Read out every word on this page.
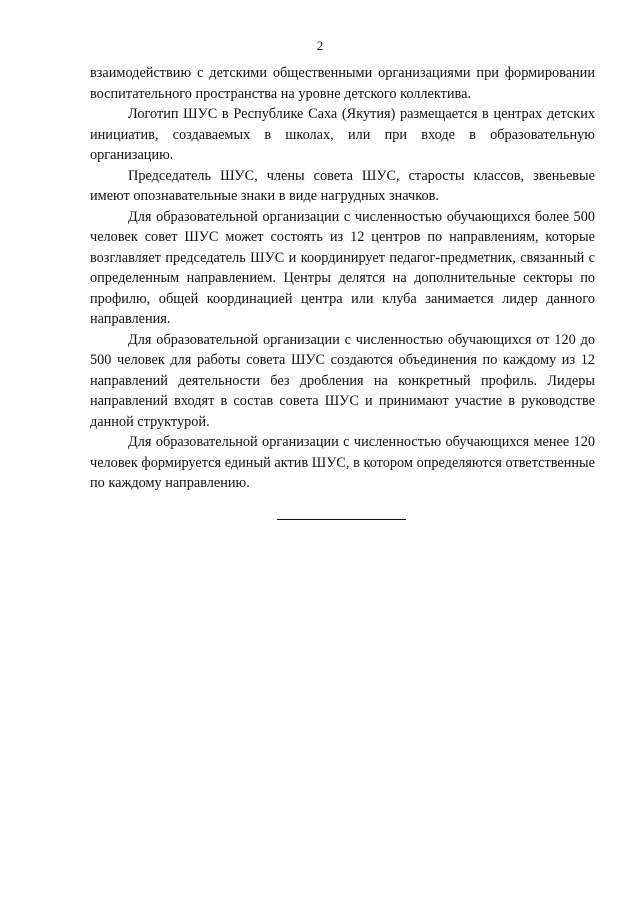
2

взаимодействию с детскими общественными организациями при формировании воспитательного пространства на уровне детского коллектива.

Логотип ШУС в Республике Саха (Якутия) размещается в центрах детских инициатив, создаваемых в школах, или при входе в образовательную организацию.

Председатель ШУС, члены совета ШУС, старосты классов, звеньевые имеют опознавательные знаки в виде нагрудных значков.

Для образовательной организации с численностью обучающихся более 500 человек совет ШУС может состоять из 12 центров по направлениям, которые возглавляет председатель ШУС и координирует педагог-предметник, связанный с определенным направлением. Центры делятся на дополнительные секторы по профилю, общей координацией центра или клуба занимается лидер данного направления.

Для образовательной организации с численностью обучающихся от 120 до 500 человек для работы совета ШУС создаются объединения по каждому из 12 направлений деятельности без дробления на конкретный профиль. Лидеры направлений входят в состав совета ШУС и принимают участие в руководстве данной структурой.

Для образовательной организации с численностью обучающихся менее 120 человек формируется единый актив ШУС, в котором определяются ответственные по каждому направлению.
